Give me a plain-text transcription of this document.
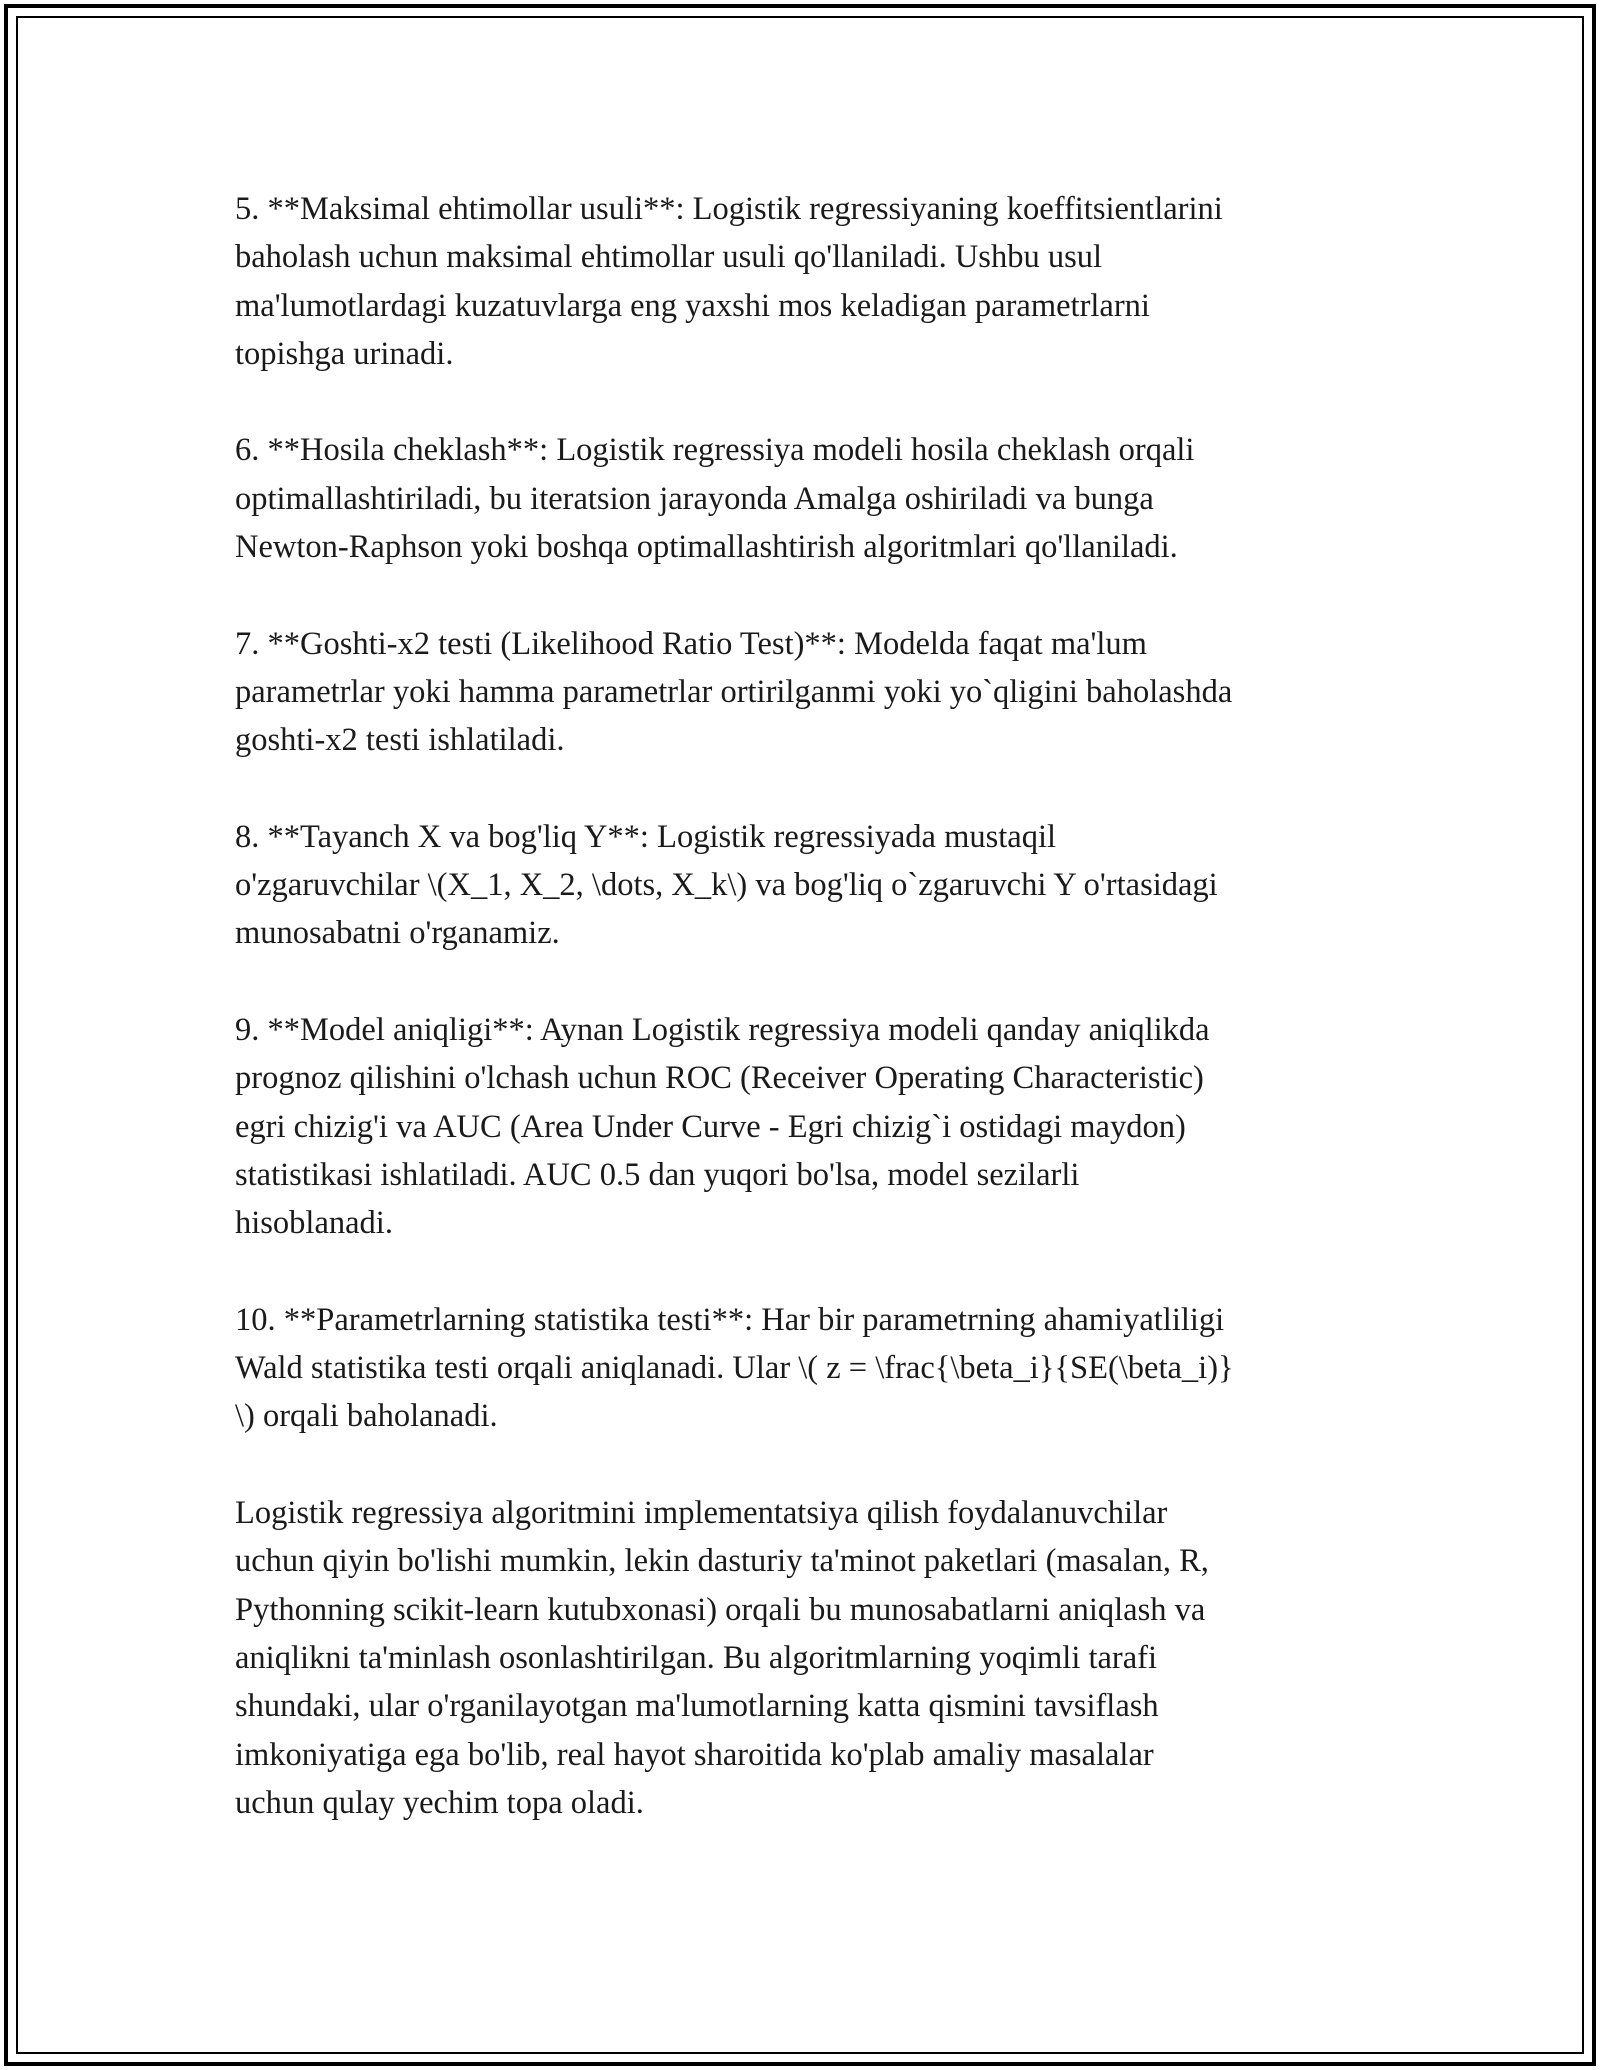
5. **Maksimal ehtimollar usuli**: Logistik regressiyaning koeffitsientlarini
baholash uchun maksimal ehtimollar usuli qo'llaniladi. Ushbu usul
ma'lumotlardagi kuzatuvlarga eng yaxshi mos keladigan parametrlarni
topishga urinadi.

6. **Hosila cheklash**: Logistik regressiya modeli hosila cheklash orqali
optimallashtiriladi, bu iteratsion jarayonda Amalga oshiriladi va bunga
Newton-Raphson yoki boshqa optimallashtirish algoritmlari qo'llaniladi.

7. **Goshti-x2 testi (Likelihood Ratio Test)**: Modelda faqat ma'lum
parametrlar yoki hamma parametrlar ortirilganmi yoki yo`qligini baholashda
goshti-x2 testi ishlatiladi.

8. **Tayanch X va bog'liq Y**: Logistik regressiyada mustaqil
o'zgaruvchilar \(X_1, X_2, \dots, X_k\) va bog'liq o`zgaruvchi Y o'rtasidagi
munosabatni o'rganamiz.

9. **Model aniqligi**: Aynan Logistik regressiya modeli qanday aniqlikda
prognoz qilishini o'lchash uchun ROC (Receiver Operating Characteristic)
egri chizig'i va AUC (Area Under Curve - Egri chizig`i ostidagi maydon)
statistikasi ishlatiladi. AUC 0.5 dan yuqori bo'lsa, model sezilarli
hisoblanadi.

10. **Parametrlarning statistika testi**: Har bir parametrning ahamiyatliligi
Wald statistika testi orqali aniqlanadi. Ular \( z = \frac{\beta_i}{SE(\beta_i)}
\) orqali baholanadi.

Logistik regressiya algoritmini implementatsiya qilish foydalanuvchilar
uchun qiyin bo'lishi mumkin, lekin dasturiy ta'minot paketlari (masalan, R,
Pythonning scikit-learn kutubxonasi) orqali bu munosabatlarni aniqlash va
aniqlikni ta'minlash osonlashtirilgan. Bu algoritmlarning yoqimli tarafi
shundaki, ular o'rganilayotgan ma'lumotlarning katta qismini tavsiflash
imkoniyatiga ega bo'lib, real hayot sharoitida ko'plab amaliy masalalar
uchun qulay yechim topa oladi.
